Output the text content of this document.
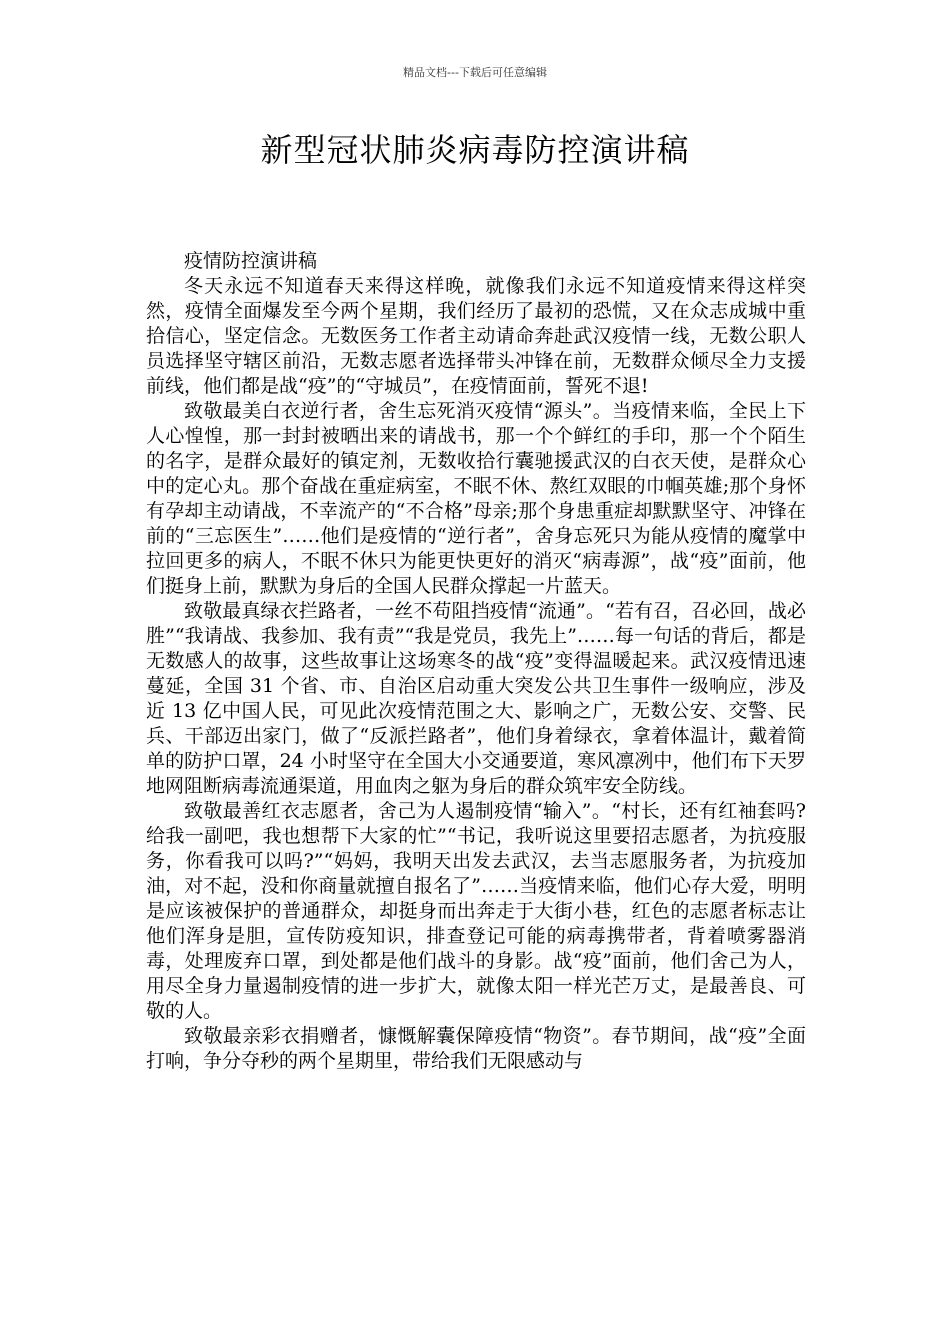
精品文档---下载后可任意编辑
新型冠状肺炎病毒防控演讲稿

疫情防控演讲稿

冬天永远不知道春天来得这样晚，就像我们永远不知道疫情来得这样突然，疫情全面爆发至今两个星期，我们经历了最初的恐慌，又在众志成城中重拾信心，坚定信念。无数医务工作者主动请命奔赴武汉疫情一线，无数公职人员选择坚守辖区前沿，无数志愿者选择带头冲锋在前，无数群众倾尽全力支援前线，他们都是战“疫”的“守城员”，在疫情面前，誓死不退!

致敬最美白衣逆行者，舍生忘死消灭疫情“源头”。当疫情来临，全民上下人心惶惶，那一封封被晒出来的请战书，那一个个鲜红的手印，那一个个陌生的名字，是群众最好的镇定剂，无数收拾行囊驰援武汉的白衣天使，是群众心中的定心丸。那个奋战在重症病室，不眠不休、熬红双眼的巾帼英雄;那个身怀有孕却主动请战，不幸流产的“不合格”母亲;那个身患重症却默默坚守、冲锋在前的“三忘医生”……他们是疫情的“逆行者”，舍身忘死只为能从疫情的魔掌中拉回更多的病人，不眠不休只为能更快更好的消灭“病毒源”，战“疫”面前，他们挺身上前，默默为身后的全国人民群众撑起一片蓝天。

致敬最真绿衣拦路者，一丝不苟阻挡疫情“流通”。“若有召，召必回，战必胜”“我请战、我参加、我有责”“我是党员，我先上”……每一句话的背后，都是无数感人的故事，这些故事让这场寒冬的战“疫”变得温暖起来。武汉疫情迅速蔓延，全国 31 个省、市、自治区启动重大突发公共卫生事件一级响应，涉及近 13 亿中国人民，可见此次疫情范围之大、影响之广，无数公安、交警、民兵、干部迈出家门，做了“反派拦路者”，他们身着绿衣，拿着体温计，戴着简单的防护口罩，24 小时坚守在全国大小交通要道，寒风凛冽中，他们布下天罗地网阻断病毒流通渠道，用血肉之躯为身后的群众筑牢安全防线。

致敬最善红衣志愿者，舍己为人遏制疫情“输入”。“村长，还有红袖套吗?给我一副吧，我也想帮下大家的忙”“书记，我听说这里要招志愿者，为抗疫服务，你看我可以吗?”“妈妈，我明天出发去武汉，去当志愿服务者，为抗疫加油，对不起，没和你商量就擅自报名了”……当疫情来临，他们心存大爱，明明是应该被保护的普通群众，却挺身而出奔走于大街小巷，红色的志愿者标志让他们浑身是胆，宣传防疫知识，排查登记可能的病毒携带者，背着喷雾器消毒，处理废弃口罩，到处都是他们战斗的身影。战“疫”面前，他们舍己为人，用尽全身力量遏制疫情的进一步扩大，就像太阳一样光芒万丈，是最善良、可敬的人。

致敬最亲彩衣捐赠者，慷慨解囊保障疫情“物资”。春节期间，战“疫”全面打响，争分夺秒的两个星期里，带给我们无限感动与
